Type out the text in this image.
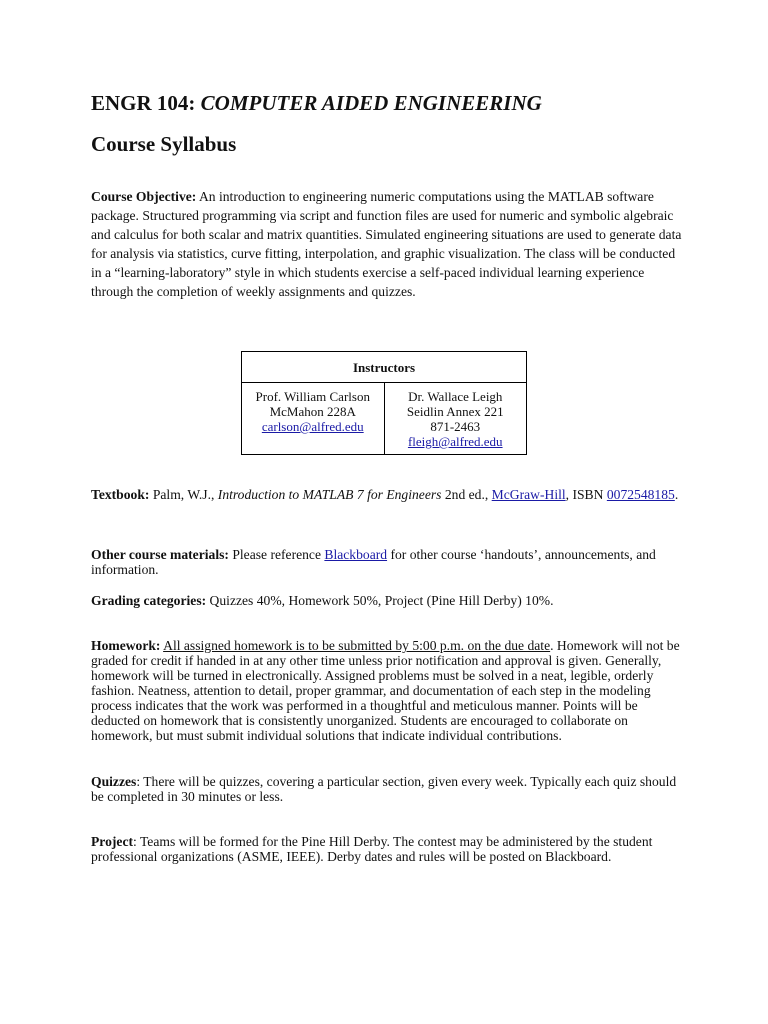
ENGR 104: COMPUTER AIDED ENGINEERING
Course Syllabus
Course Objective: An introduction to engineering numeric computations using the MATLAB software package. Structured programming via script and function files are used for numeric and symbolic algebraic and calculus for both scalar and matrix quantities. Simulated engineering situations are used to generate data for analysis via statistics, curve fitting, interpolation, and graphic visualization. The class will be conducted in a “learning-laboratory” style in which students exercise a self-paced individual learning experience through the completion of weekly assignments and quizzes.
Instructors

Prof. William Carlson
McMahon 228A
carlson@alfred.edu

Dr. Wallace Leigh
Seidlin Annex 221
871-2463
fleigh@alfred.edu
Textbook: Palm, W.J., Introduction to MATLAB 7 for Engineers 2nd ed., McGraw-Hill, ISBN 0072548185.
Other course materials: Please reference Blackboard for other course ‘handouts’, announcements, and information.
Grading categories: Quizzes 40%, Homework 50%, Project (Pine Hill Derby) 10%.
Homework: All assigned homework is to be submitted by 5:00 p.m. on the due date. Homework will not be graded for credit if handed in at any other time unless prior notification and approval is given. Generally, homework will be turned in electronically. Assigned problems must be solved in a neat, legible, orderly fashion. Neatness, attention to detail, proper grammar, and documentation of each step in the modeling process indicates that the work was performed in a thoughtful and meticulous manner. Points will be deducted on homework that is consistently unorganized. Students are encouraged to collaborate on homework, but must submit individual solutions that indicate individual contributions.
Quizzes: There will be quizzes, covering a particular section, given every week. Typically each quiz should be completed in 30 minutes or less.
Project: Teams will be formed for the Pine Hill Derby. The contest may be administered by the student professional organizations (ASME, IEEE). Derby dates and rules will be posted on Blackboard.
